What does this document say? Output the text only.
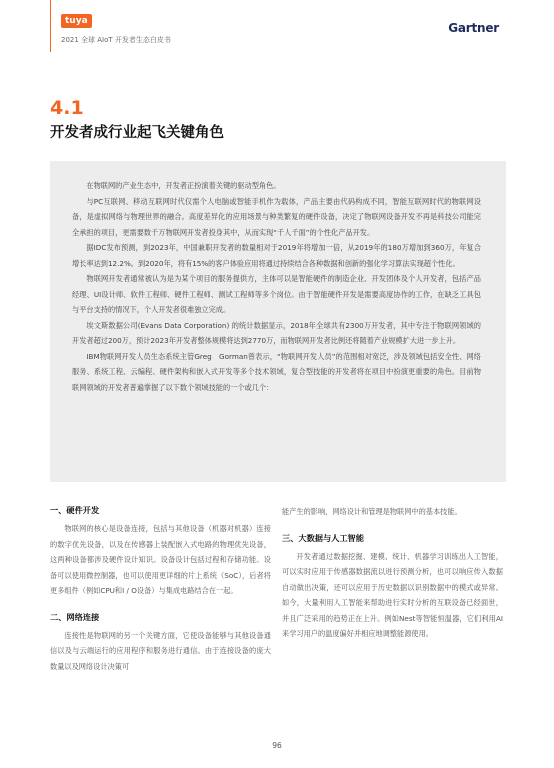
tuya
2021 全球 AIoT 开发者生态白皮书
Gartner
4.1
开发者成行业起飞关键角色

在物联网的产业生态中，开发者正扮演着关键的驱动型角色。

与PC互联网、移动互联网时代仅需个人电脑或智能手机作为载体，产品主要由代码构成不同，智能互联网时代的物联网设备，是虚拟网络与物理世界的融合。高度差异化的应用场景与种类繁复的硬件设备，决定了物联网设备开发不再是科技公司能完全承担的项目，更需要数千万物联网开发者投身其中，从而实现“千人千面”的个性化产品开发。

据IDC发布预测，到2023年，中国兼职开发者的数量相对于2019年将增加一倍，从2019年的180万增加到360万，年复合增长率达到12.2%。到2020年，将有15%的客户体验应用将通过持续结合各种数据和创新的强化学习算法实现超个性化。

物联网开发者通常被认为是为某个项目的服务提供方，主体可以是智能硬件的制造企业、开发团体及个人开发者，包括产品经理、UI设计师、软件工程师、硬件工程师、测试工程师等多个岗位。由于智能硬件开发是需要高度协作的工作，在缺乏工具包与平台支持的情况下，个人开发者很难独立完成。

埃文斯数据公司(Evans Data Corporation) 的统计数据显示，2018年全球共有2300万开发者，其中专注于物联网领域的开发者超过200万，预计2023年开发者整体规模将达到2770万，而物联网开发者比例还将随着产业规模扩大进一步上升。

IBM物联网开发人员生态系统主管Greg　Gorman曾表示，“物联网开发人员”的范围相对宽泛，涉及领域包括安全性、网络服务、系统工程、云编程、硬件架构和嵌入式开发等多个技术领域，复合型技能的开发者将在项目中扮演更重要的角色。目前物联网领域的开发者普遍掌握了以下数个领域技能的一个或几个：

一、硬件开发

物联网的核心是设备连接，包括与其他设备（机器对机器）连接的数字优先设备，以及在传感器上装配嵌入式电路的物理优先设备，这两种设备都涉及硬件设计知识。设备设计包括过程和存储功能。设备可以使用微控制器，也可以使用更详细的片上系统（SoC），后者将更多组件（例如CPU和I / O设备）与集成电路结合在一起。

二、网络连接

连接性是物联网的另一个关键方面，它使设备能够与其他设备通信以及与云端运行的应用程序和服务进行通信。由于连接设备的庞大数量以及网络设计决策可

能产生的影响，网络设计和管理是物联网中的基本技能。

三、大数据与人工智能

开发者通过数据挖掘、建模、统计、机器学习训练出人工智能，可以实时应用于传感器数据流以进行预测分析，也可以响应传入数据自动做出决策，还可以应用于历史数据以识别数据中的模式或异常。如今，大量利用人工智能来帮助进行实时分析的互联设备已经面世，并且广泛采用的趋势正在上升。例如Nest等智能恒温器，它们利用AI来学习用户的温度偏好并相应地调整能源使用。

96
